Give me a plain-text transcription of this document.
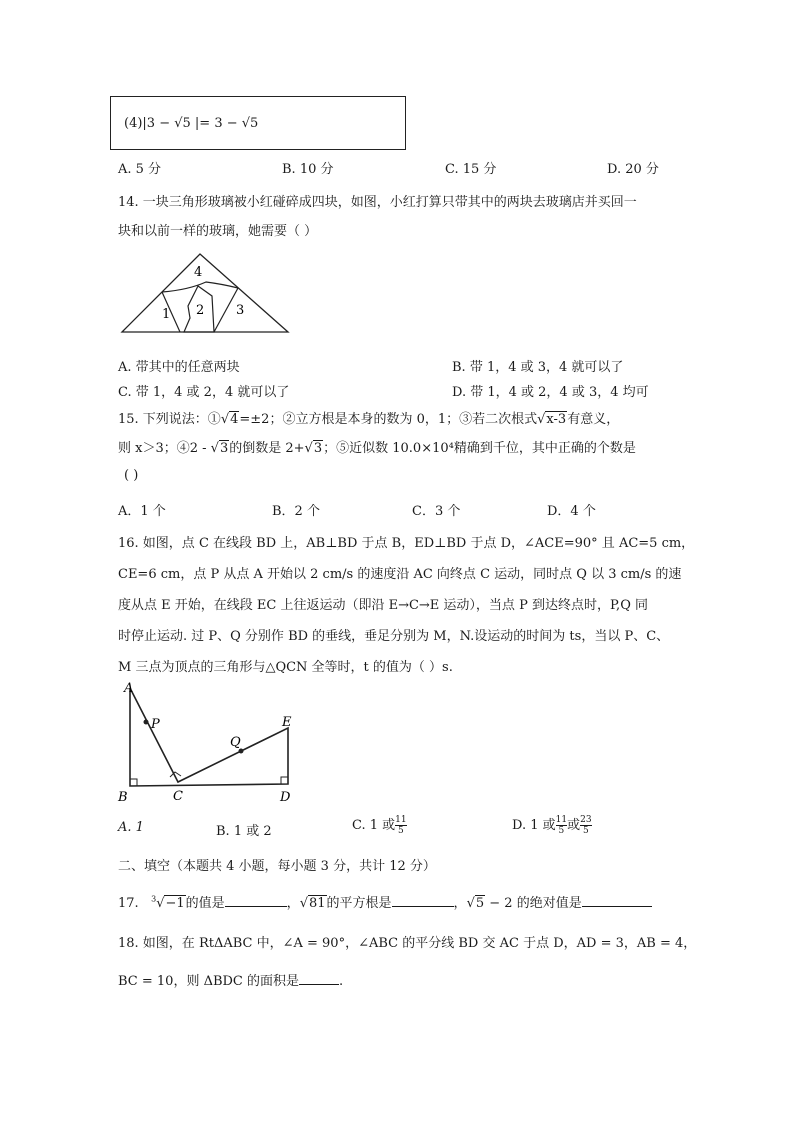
(4)|3 − √5 |= 3 − √5
A. 5 分	B. 10 分	C. 15 分	D. 20 分
14. 一块三角形玻璃被小红碰碎成四块，如图，小红打算只带其中的两块去玻璃店并买回一
块和以前一样的玻璃，她需要（ ）
4
1 2 3
A. 带其中的任意两块	B. 带 1，4 或 3，4 就可以了
C. 带 1，4 或 2，4 就可以了	D. 带 1，4 或 2，4 或 3，4 均可
15. 下列说法：①√4=±2；②立方根是本身的数为 0，1；③若二次根式√x-3有意义，
则 x＞3；④2 - √3的倒数是 2+√3；⑤近似数 10.0×10⁴精确到千位，其中正确的个数是
( )
A．1 个	B．2 个	C．3 个	D．4 个
16. 如图，点 C 在线段 BD 上，AB⊥BD 于点 B，ED⊥BD 于点 D，∠ACE=90° 且 AC=5 cm，
CE=6 cm，点 P 从点 A 开始以 2 cm/s 的速度沿 AC 向终点 C 运动，同时点 Q 以 3 cm/s 的速
度从点 E 开始，在线段 EC 上往返运动（即沿 E→C→E 运动），当点 P 到达终点时，P,Q 同
时停止运动. 过 P、Q 分别作 BD 的垂线，垂足分别为 M，N.设运动的时间为 ts，当以 P、C、
M 三点为顶点的三角形与△QCN 全等时，t 的值为（ ）s.
A
P
Q
E
B	C	D
A. 1	B. 1 或 2	C. 1 或 $\frac{11}{5}$	D. 1 或 $\frac{11}{5}$ 或 $\frac{23}{5}$
二、填空（本题共 4 小题，每小题 3 分，共计 12 分）
17. $^3$√−1的值是	，√81的平方根是	，√5 − 2 的绝对值是
18. 如图，在 RtΔABC 中，∠A = 90°，∠ABC 的平分线 BD 交 AC 于点 D，AD = 3，AB = 4，
BC = 10，则 ΔBDC 的面积是	.
